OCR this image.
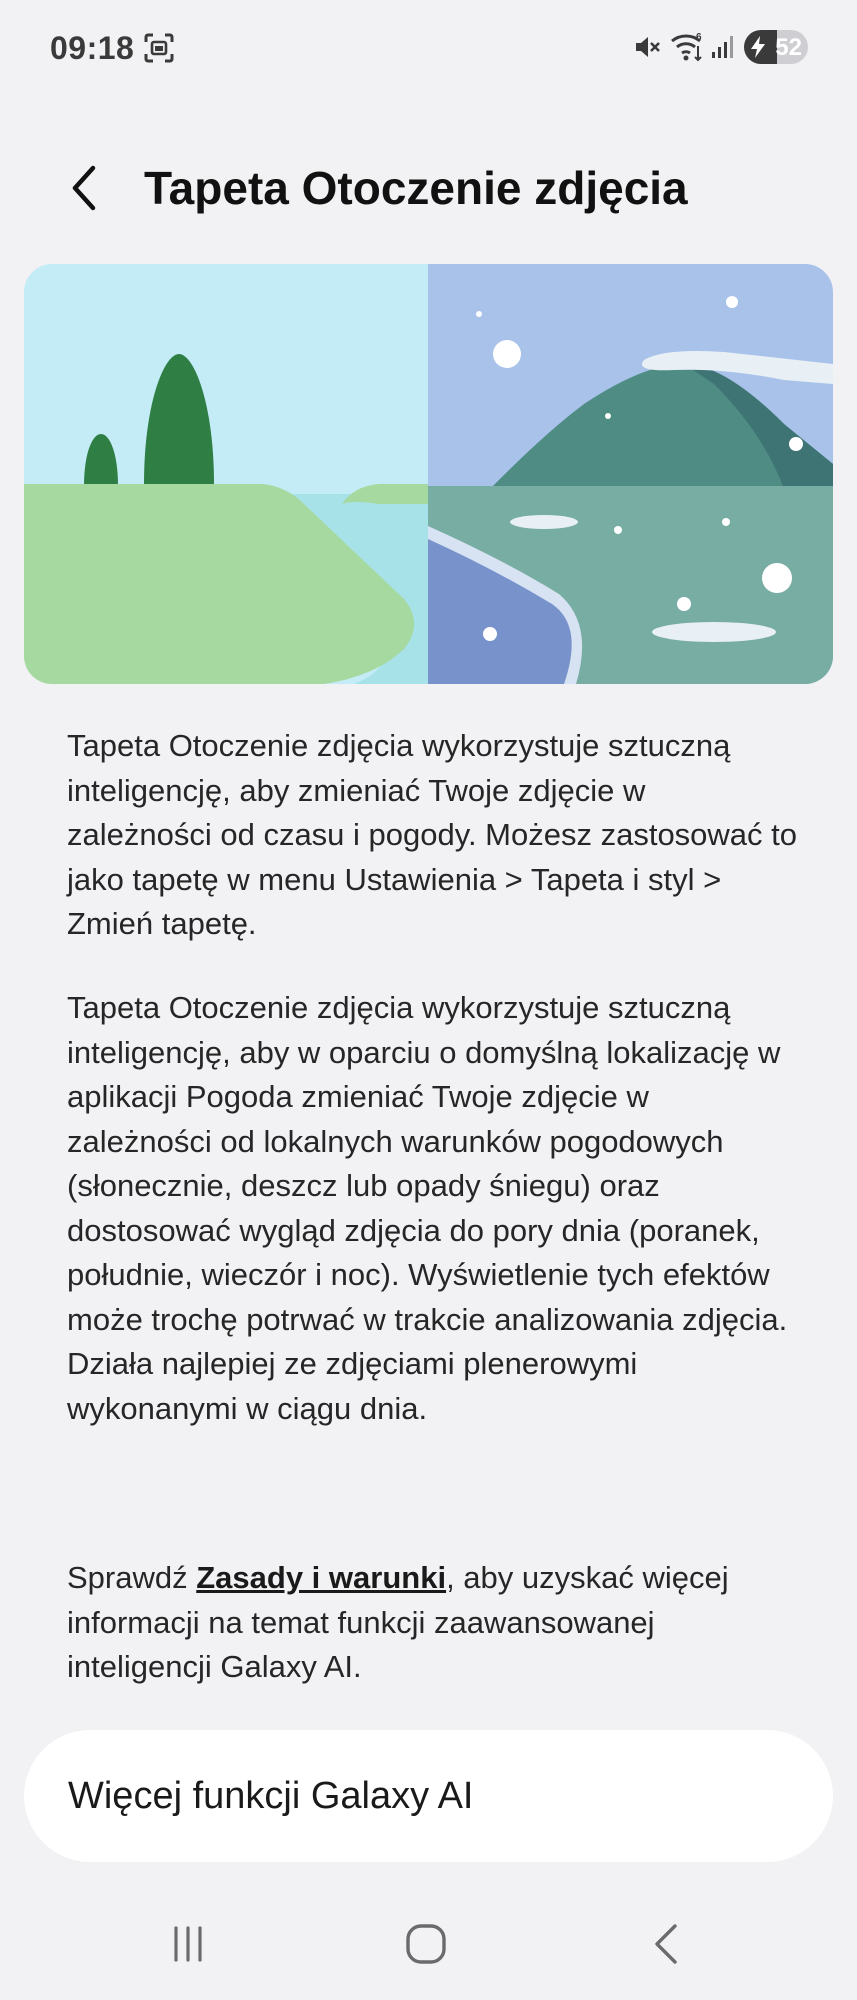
09:18	6	52
Tapeta Otoczenie zdjęcia

Tapeta Otoczenie zdjęcia wykorzystuje sztuczną inteligencję, aby zmieniać Twoje zdjęcie w zależności od czasu i pogody. Możesz zastosować to jako tapetę w menu Ustawienia > Tapeta i styl > Zmień tapetę.

Tapeta Otoczenie zdjęcia wykorzystuje sztuczną inteligencję, aby w oparciu o domyślną lokalizację w aplikacji Pogoda zmieniać Twoje zdjęcie w zależności od lokalnych warunków pogodowych (słonecznie, deszcz lub opady śniegu) oraz dostosować wygląd zdjęcia do pory dnia (poranek, południe, wieczór i noc). Wyświetlenie tych efektów może trochę potrwać w trakcie analizowania zdjęcia. Działa najlepiej ze zdjęciami plenerowymi wykonanymi w ciągu dnia.

Sprawdź Zasady i warunki, aby uzyskać więcej informacji na temat funkcji zaawansowanej inteligencji Galaxy AI.

Więcej funkcji Galaxy AI
